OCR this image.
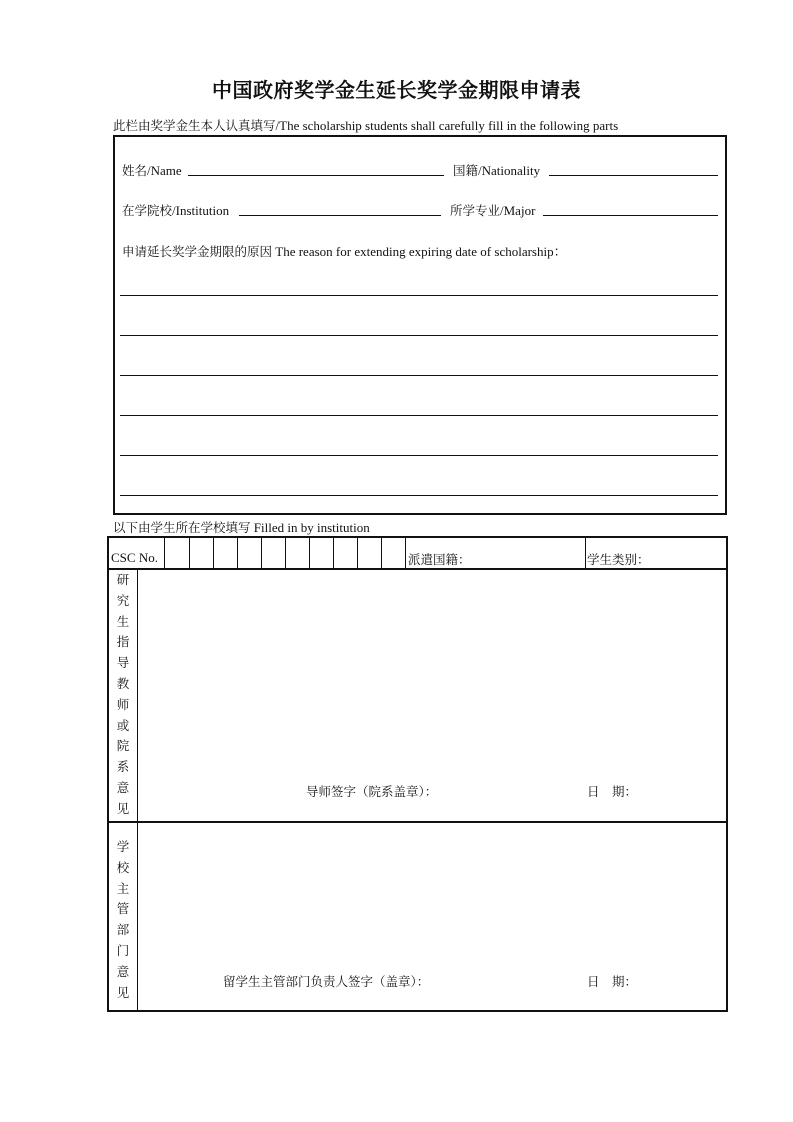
中国政府奖学金生延长奖学金期限申请表
此栏由奖学金生本人认真填写/The scholarship students shall carefully fill in the following parts
姓名/Name	国籍/Nationality
在学院校/Institution	所学专业/Major
申请延长奖学金期限的原因 The reason for extending expiring date of scholarship：
以下由学生所在学校填写 Filled in by institution
CSC No.	派遣国籍：	学生类别：
研究生指导教师或院系意见
导师签字（院系盖章）：	日　期：
学校主管部门意见
留学生主管部门负责人签字（盖章）：	日　期：
